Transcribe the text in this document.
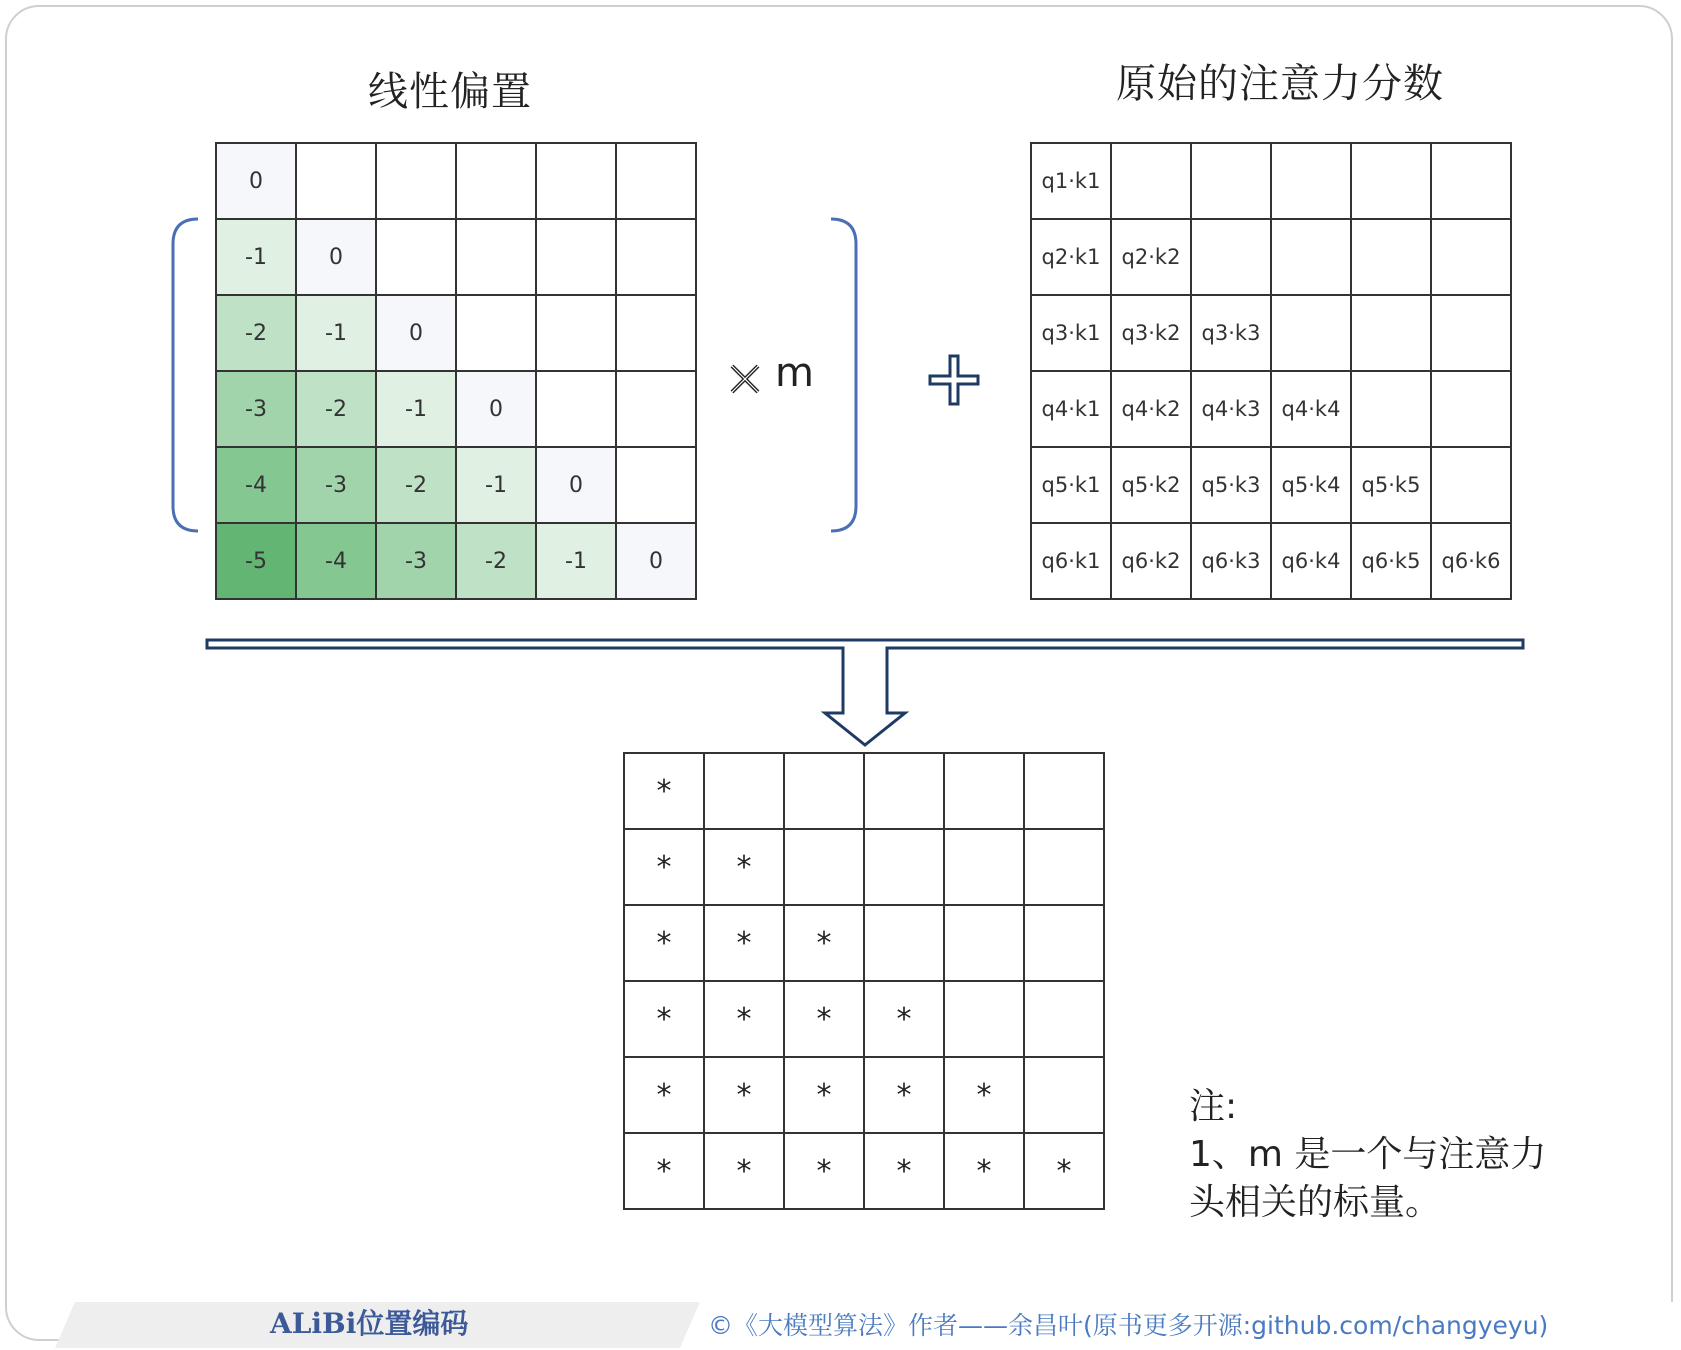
线性偏置	原始的注意力分数
0					
-1	0				
-2	-1	0			
-3	-2	-1	0		
-4	-3	-2	-1	0	
-5	-4	-3	-2	-1	0
q1·k1					
q2·k1	q2·k2				
q3·k1	q3·k2	q3·k3			
q4·k1	q4·k2	q4·k3	q4·k4		
q5·k1	q5·k2	q5·k3	q5·k4	q5·k5	
q6·k1	q6·k2	q6·k3	q6·k4	q6·k5	q6·k6
*					
*	*				
*	*	*			
*	*	*	*		
*	*	*	*	*	
*	*	*	*	*	*
m
注:
1、m 是一个与注意力
头相关的标量。
ALiBi位置编码	©《大模型算法》作者——余昌叶(原书更多开源:github.com/changyeyu)
